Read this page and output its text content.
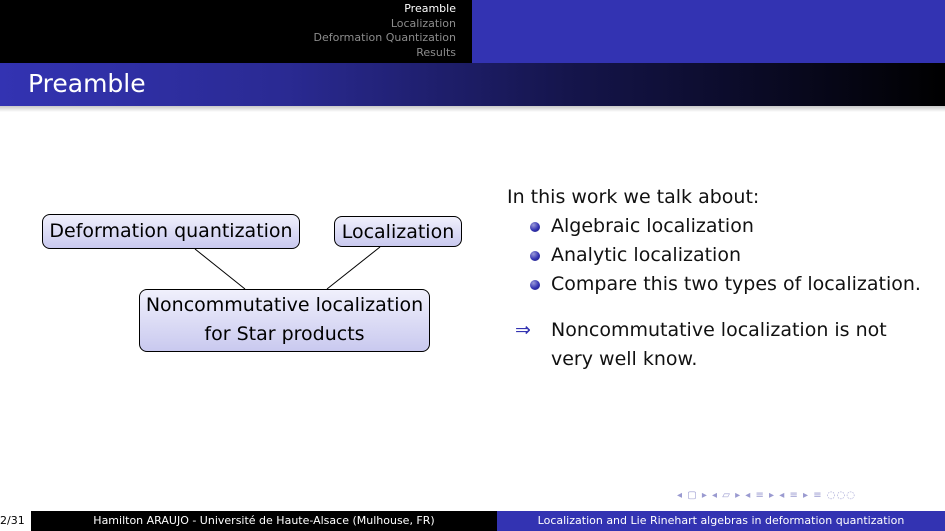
Preamble
Localization
Deformation Quantization
Results
Preamble
Deformation quantization	Localization
Noncommutative localization
for Star products
In this work we talk about:
Algebraic localization
Analytic localization
Compare this two types of localization.
⇒ Noncommutative localization is not
very well know.
◂ ▢ ▸ ◂ ▱ ▸ ◂ ≡ ▸ ◂ ≡ ▸ ≡ ◌◌◌
2/31	Hamilton ARAUJO - Université de Haute-Alsace (Mulhouse, FR)	Localization and Lie Rinehart algebras in deformation quantization
